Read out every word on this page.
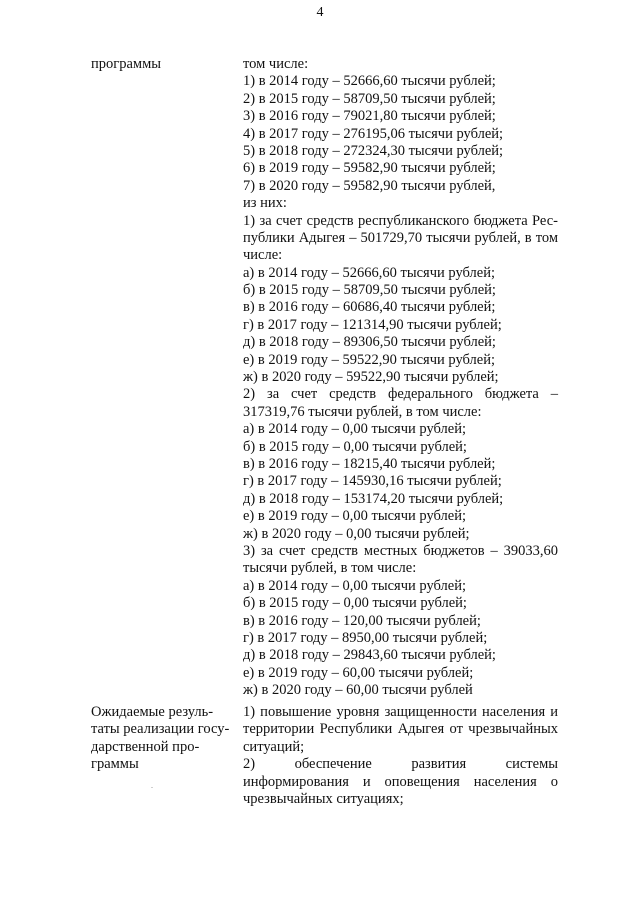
4
программы	том числе:
1) в 2014 году – 52666,60 тысячи рублей;
2) в 2015 году – 58709,50 тысячи рублей;
3) в 2016 году – 79021,80 тысячи рублей;
4) в 2017 году – 276195,06 тысячи рублей;
5) в 2018 году – 272324,30 тысячи рублей;
6) в 2019 году – 59582,90 тысячи рублей;
7) в 2020 году – 59582,90 тысячи рублей,
из них:
1) за счет средств республиканского бюджета Рес-
публики Адыгея – 501729,70 тысячи рублей, в том
числе:
а) в 2014 году – 52666,60 тысячи рублей;
б) в 2015 году – 58709,50 тысячи рублей;
в) в 2016 году – 60686,40 тысячи рублей;
г) в 2017 году – 121314,90 тысячи рублей;
д) в 2018 году – 89306,50 тысячи рублей;
е) в 2019 году – 59522,90 тысячи рублей;
ж) в 2020 году – 59522,90 тысячи рублей;
2) за счет средств федерального бюджета –
317319,76 тысячи рублей, в том числе:
а) в 2014 году – 0,00 тысячи рублей;
б) в 2015 году – 0,00 тысячи рублей;
в) в 2016 году – 18215,40 тысячи рублей;
г) в 2017 году – 145930,16 тысячи рублей;
д) в 2018 году – 153174,20 тысячи рублей;
е) в 2019 году – 0,00 тысячи рублей;
ж) в 2020 году – 0,00 тысячи рублей;
3) за счет средств местных бюджетов – 39033,60
тысячи рублей, в том числе:
а) в 2014 году – 0,00 тысячи рублей;
б) в 2015 году – 0,00 тысячи рублей;
в) в 2016 году – 120,00 тысячи рублей;
г) в 2017 году – 8950,00 тысячи рублей;
д) в 2018 году – 29843,60 тысячи рублей;
е) в 2019 году – 60,00 тысячи рублей;
ж) в 2020 году – 60,00 тысячи рублей
Ожидаемые резуль-
таты реализации госу-
дарственной про-
граммы
1) повышение уровня защищенности населения и территории Республики Адыгея от чрезвычайных ситуаций;
2) обеспечение развития системы информирования и оповещения населения о чрезвычайных ситуациях;
